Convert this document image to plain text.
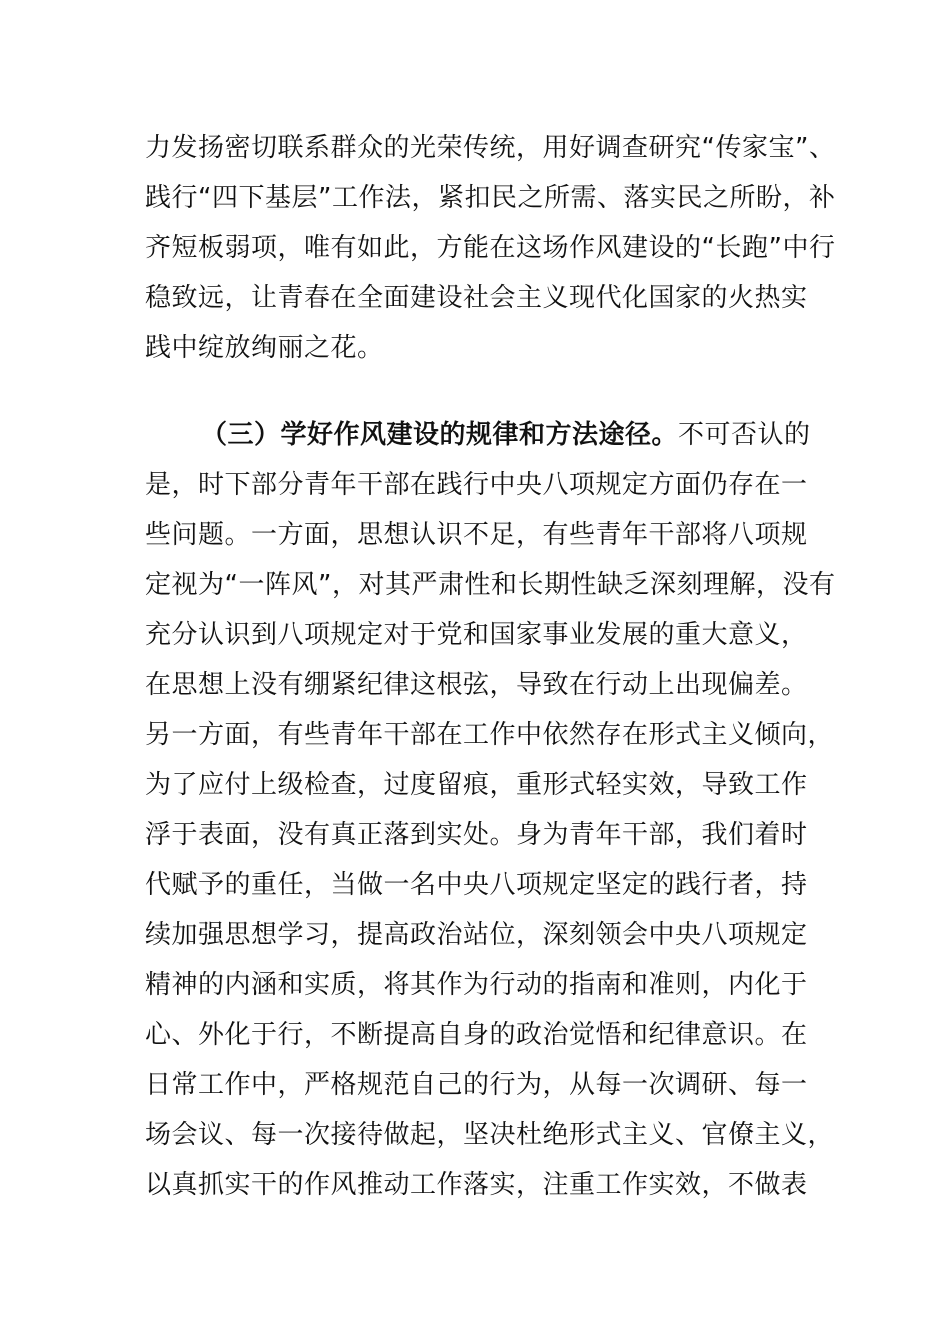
力发扬密切联系群众的光荣传统，用好调查研究“传家宝”、
践行“四下基层”工作法，紧扣民之所需、落实民之所盼，补
齐短板弱项，唯有如此，方能在这场作风建设的“长跑”中行
稳致远，让青春在全面建设社会主义现代化国家的火热实
践中绽放绚丽之花。
（三）学好作风建设的规律和方法途径。不可否认的
是，时下部分青年干部在践行中央八项规定方面仍存在一
些问题。一方面，思想认识不足，有些青年干部将八项规
定视为“一阵风”，对其严肃性和长期性缺乏深刻理解，没有
充分认识到八项规定对于党和国家事业发展的重大意义，
在思想上没有绷紧纪律这根弦，导致在行动上出现偏差。
另一方面，有些青年干部在工作中依然存在形式主义倾向，
为了应付上级检查，过度留痕，重形式轻实效，导致工作
浮于表面，没有真正落到实处。身为青年干部，我们着时
代赋予的重任，当做一名中央八项规定坚定的践行者，持
续加强思想学习，提高政治站位，深刻领会中央八项规定
精神的内涵和实质，将其作为行动的指南和准则，内化于
心、外化于行，不断提高自身的政治觉悟和纪律意识。在
日常工作中，严格规范自己的行为，从每一次调研、每一
场会议、每一次接待做起，坚决杜绝形式主义、官僚主义，
以真抓实干的作风推动工作落实，注重工作实效，不做表
